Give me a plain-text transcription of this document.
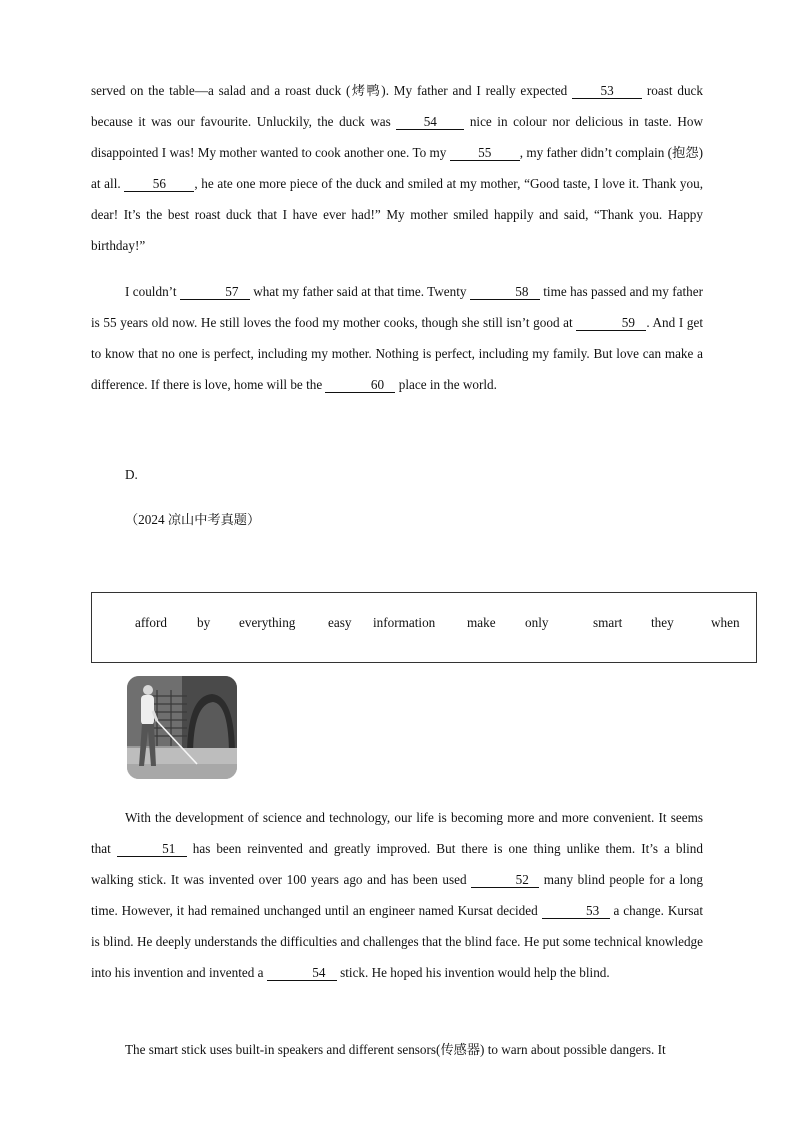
served on the table—a salad and a roast duck (烤鸭). My father and I really expected 53 roast duck because it was our favourite. Unluckily, the duck was 54 nice in colour nor delicious in taste. How disappointed I was! My mother wanted to cook another one. To my 55 , my father didn’t complain (抱怨) at all. 56 , he ate one more piece of the duck and smiled at my mother, “Good taste, I love it. Thank you, dear! It’s the best roast duck that I have ever had!” My mother smiled happily and said, “Thank you. Happy birthday!”

I couldn’t	57 what my father said at that time. Twenty	58 time has passed and my father is 55 years old now. He still loves the food my mother cooks, though she still isn’t good at	59 . And I get to know that no one is perfect, including my mother. Nothing is perfect, including my family. But love can make a difference. If there is love, home will be the	60 place in the world.

D.
（2024 凉山中考真题）
afford by everything easy information make only	smart they	when

With the development of science and technology, our life is becoming more and more convenient. It seems that	51 has been reinvented and greatly improved. But there is one thing unlike them. It’s a blind walking stick. It was invented over 100 years ago and has been used	52 many blind people for a long time. However, it had remained unchanged until an engineer named Kursat decided	53 a change. Kursat is blind. He deeply understands the difficulties and challenges that the blind face. He put some technical knowledge into his invention and invented a	54 stick. He hoped his invention would help the blind.

The smart stick uses built-in speakers and different sensors(传感器) to warn about possible dangers. It
